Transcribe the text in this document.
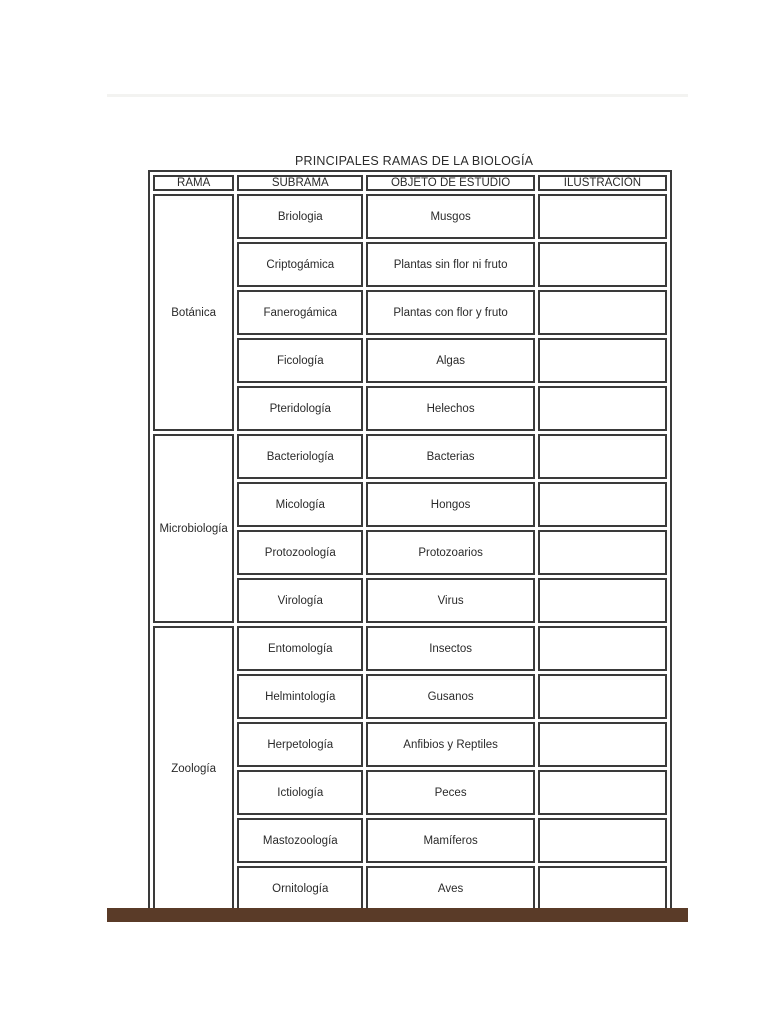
PRINCIPALES RAMAS DE LA BIOLOGÍA
RAMA	SUBRAMA	OBJETO DE ESTUDIO	ILUSTRACIÓN
Botánica	Briologia	Musgos	
	Criptogámica	Plantas sin flor ni fruto	
	Fanerogámica	Plantas con flor y fruto	
	Ficología	Algas	
	Pteridología	Helechos	
Microbiología	Bacteriología	Bacterias	
	Micología	Hongos	
	Protozoología	Protozoarios	
	Virología	Virus	
Zoología	Entomología	Insectos	
	Helmintología	Gusanos	
	Herpetología	Anfibios y Reptiles	
	Ictiología	Peces	
	Mastozoología	Mamíferos	
	Ornitología	Aves	
